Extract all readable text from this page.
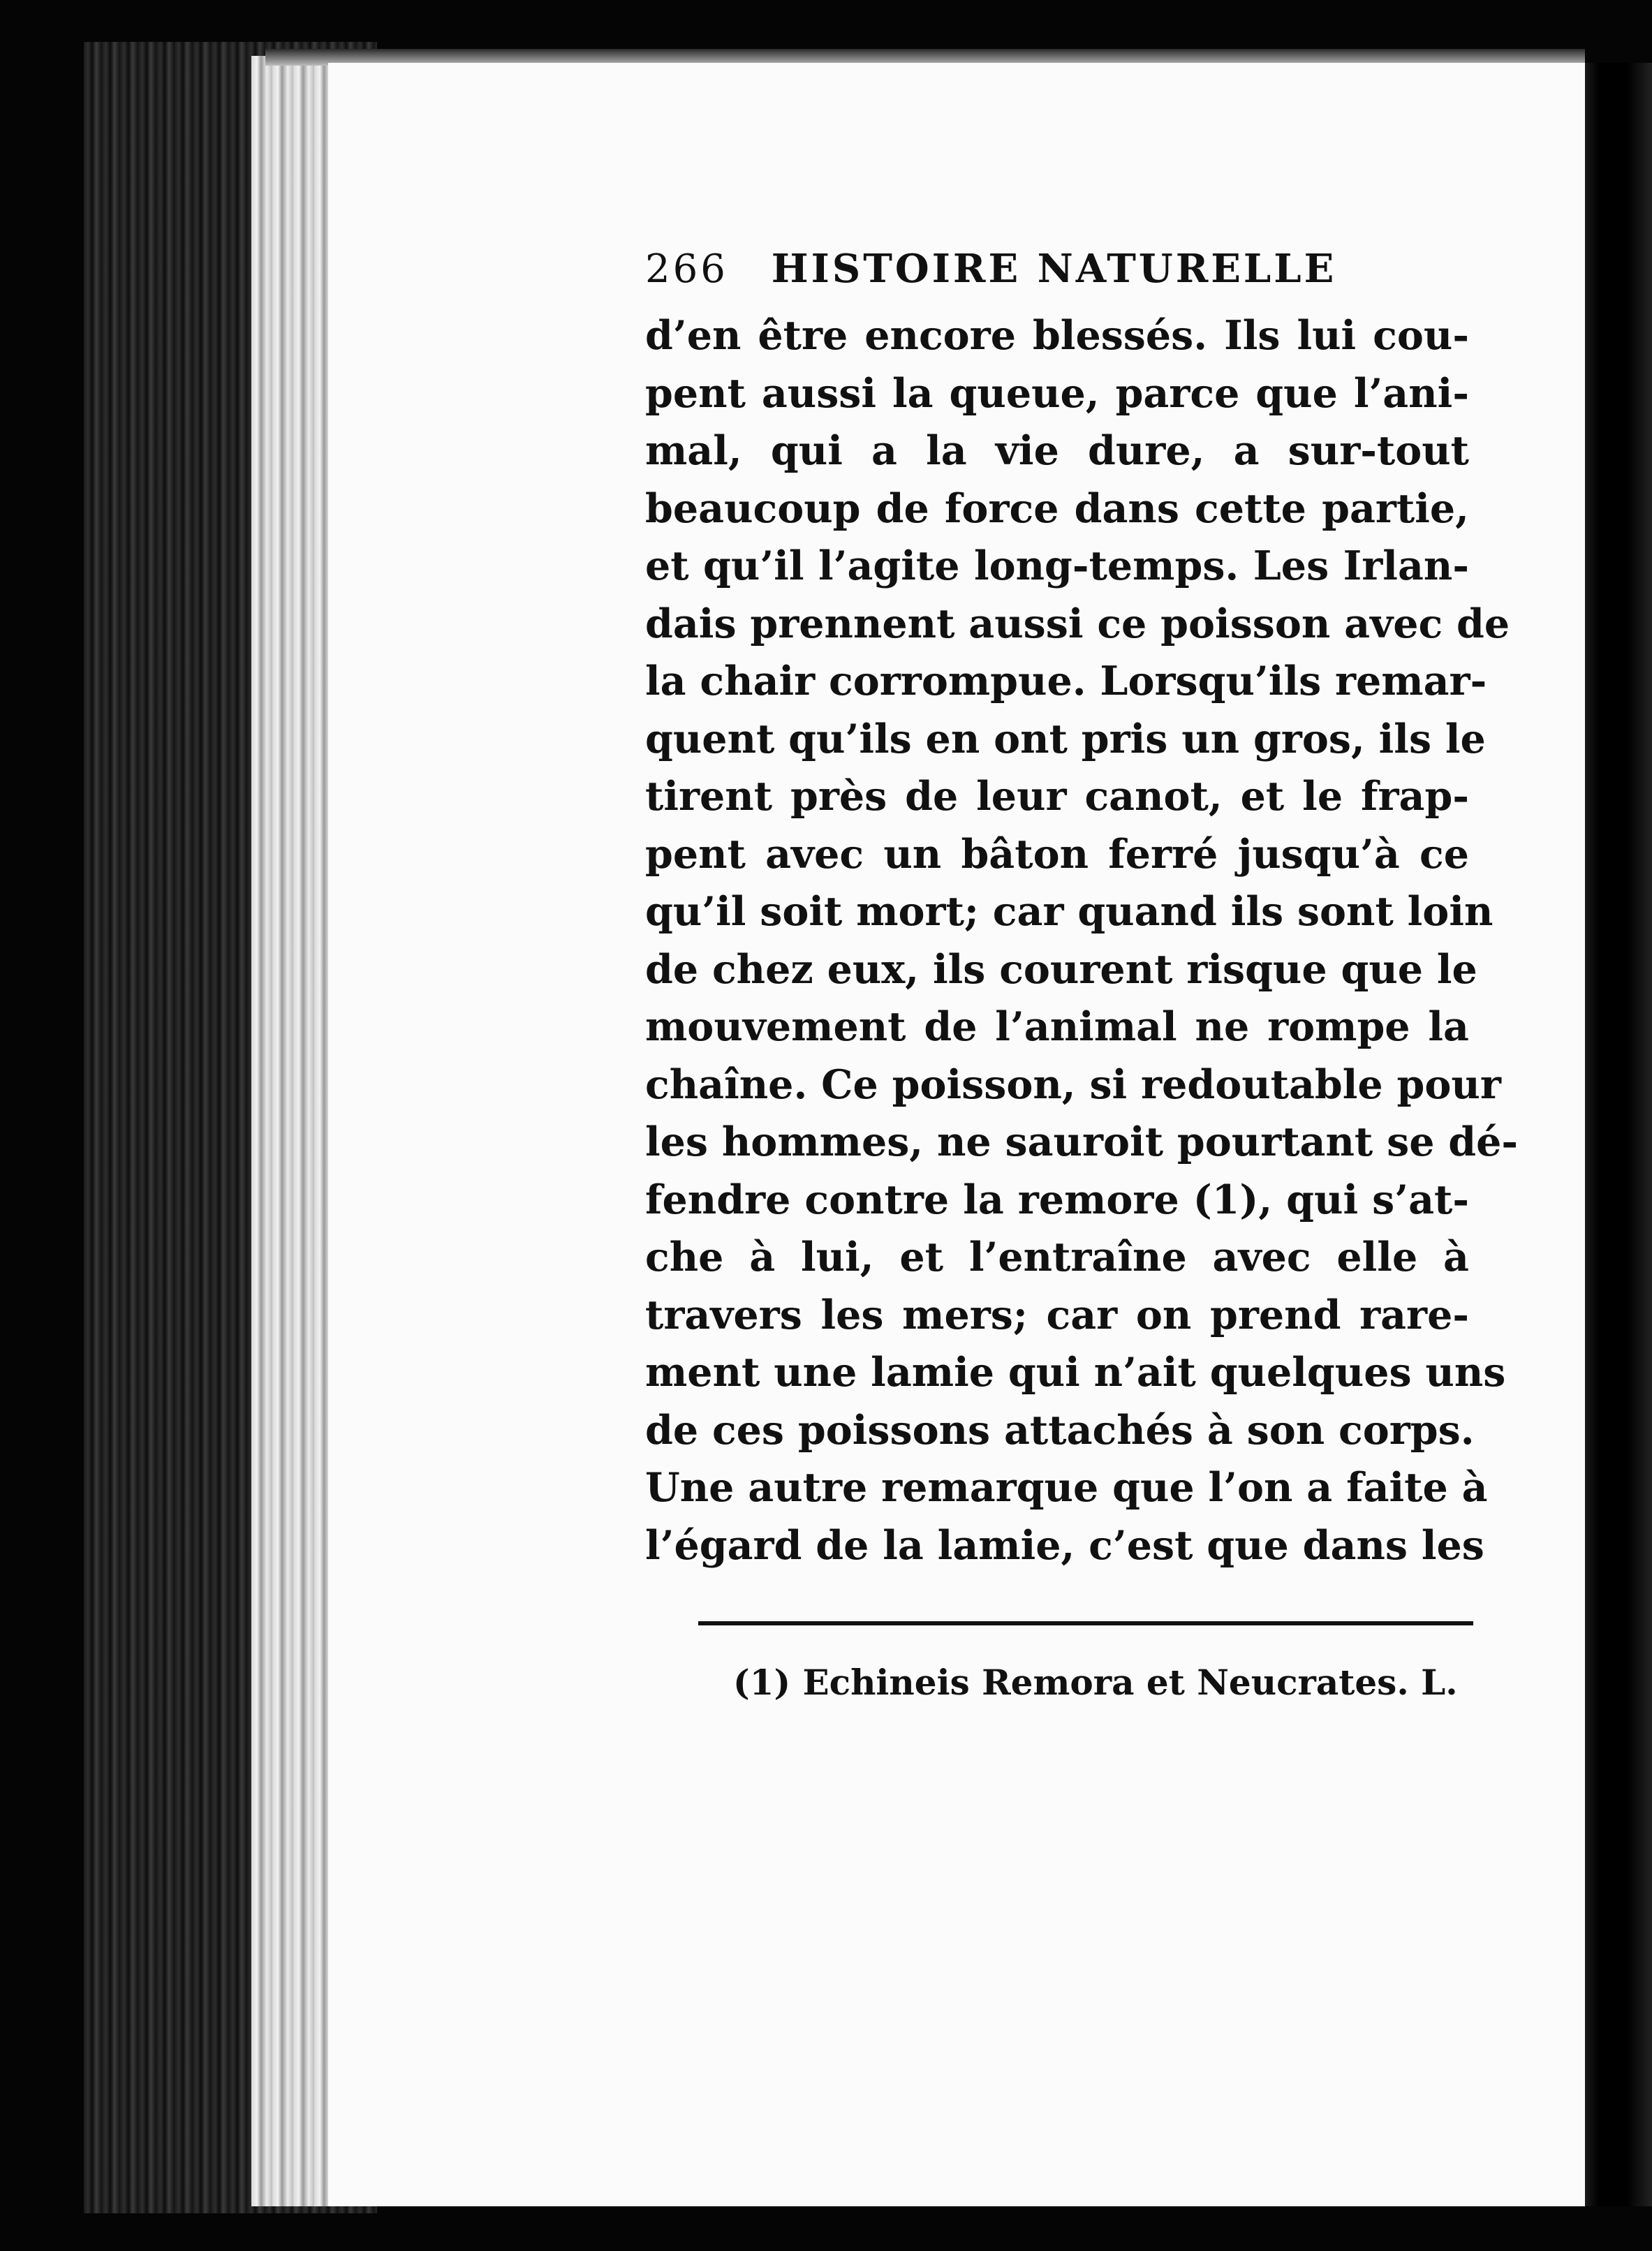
266 HISTOIRE NATURELLE
d’en être encore blessés. Ils lui cou-
pent aussi la queue, parce que l’ani-
mal, qui a la vie dure, a sur-tout
beaucoup de force dans cette partie,
et qu’il l’agite long-temps. Les Irlan-
dais prennent aussi ce poisson avec de
la chair corrompue. Lorsqu’ils remar-
quent qu’ils en ont pris un gros, ils le
tirent près de leur canot, et le frap-
pent avec un bâton ferré jusqu’à ce
qu’il soit mort; car quand ils sont loin
de chez eux, ils courent risque que le
mouvement de l’animal ne rompe la
chaîne. Ce poisson, si redoutable pour
les hommes, ne sauroit pourtant se dé-
fendre contre la remore (1), qui s’at-
che à lui, et l’entraîne avec elle à
travers les mers; car on prend rare-
ment une lamie qui n’ait quelques uns
de ces poissons attachés à son corps.
Une autre remarque que l’on a faite à
l’égard de la lamie, c’est que dans les
(1) Echineis Remora et Neucrates. L.
